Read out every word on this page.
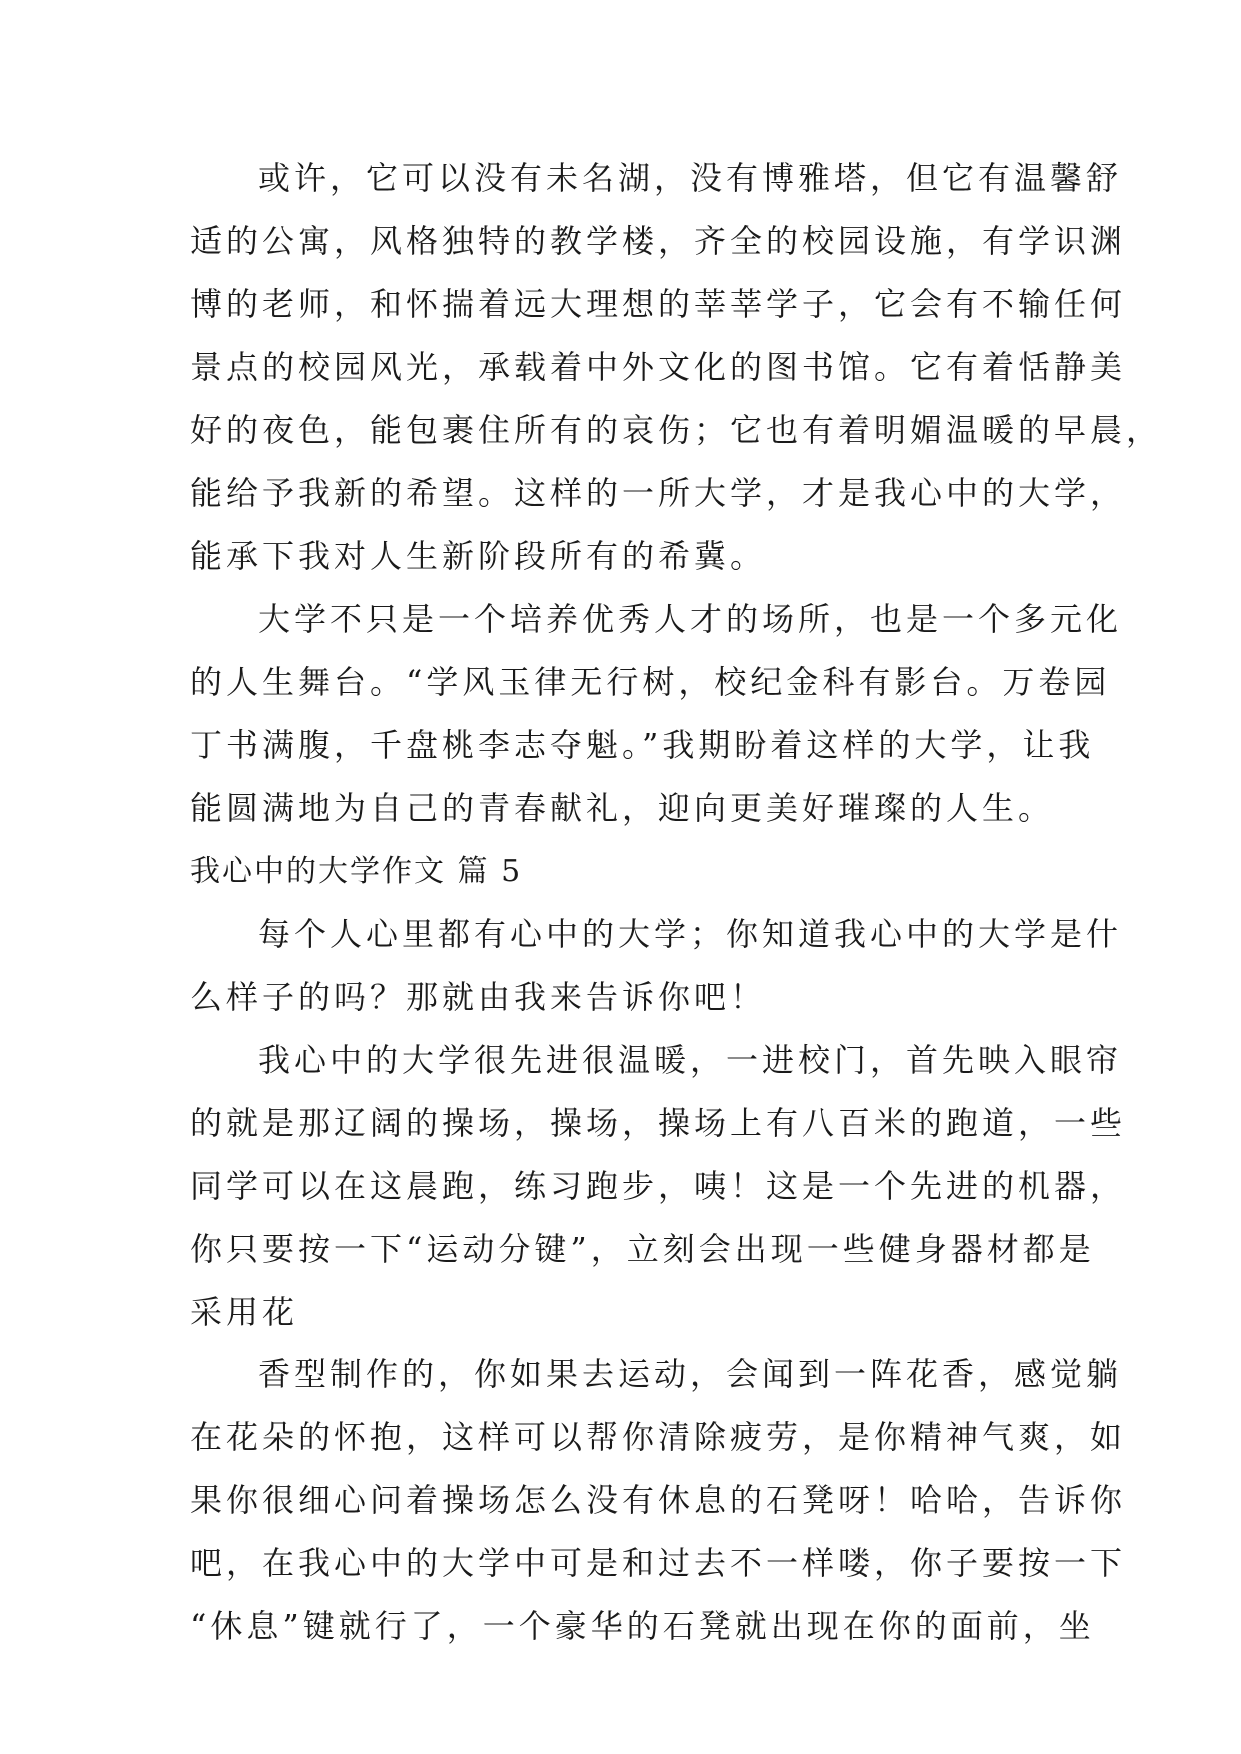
或许，它可以没有未名湖，没有博雅塔，但它有温馨舒
适的公寓，风格独特的教学楼，齐全的校园设施，有学识渊
博的老师，和怀揣着远大理想的莘莘学子，它会有不输任何
景点的校园风光，承载着中外文化的图书馆。它有着恬静美
好的夜色，能包裹住所有的哀伤；它也有着明媚温暖的早晨，
能给予我新的希望。这样的一所大学，才是我心中的大学，
能承下我对人生新阶段所有的希冀。
大学不只是一个培养优秀人才的场所，也是一个多元化
的人生舞台。“学风玉律无行树，校纪金科有影台。万卷园
丁书满腹，千盘桃李志夺魁。”我期盼着这样的大学，让我
能圆满地为自己的青春献礼，迎向更美好璀璨的人生。
我心中的大学作文 篇 5
每个人心里都有心中的大学；你知道我心中的大学是什
么样子的吗？那就由我来告诉你吧！
我心中的大学很先进很温暖，一进校门，首先映入眼帘
的就是那辽阔的操场，操场，操场上有八百米的跑道，一些
同学可以在这晨跑，练习跑步，咦！这是一个先进的机器，
你只要按一下“运动分键”，立刻会出现一些健身器材都是
采用花
香型制作的，你如果去运动，会闻到一阵花香，感觉躺
在花朵的怀抱，这样可以帮你清除疲劳，是你精神气爽，如
果你很细心问着操场怎么没有休息的石凳呀！哈哈，告诉你
吧，在我心中的大学中可是和过去不一样喽，你子要按一下
“休息”键就行了，一个豪华的石凳就出现在你的面前，坐
